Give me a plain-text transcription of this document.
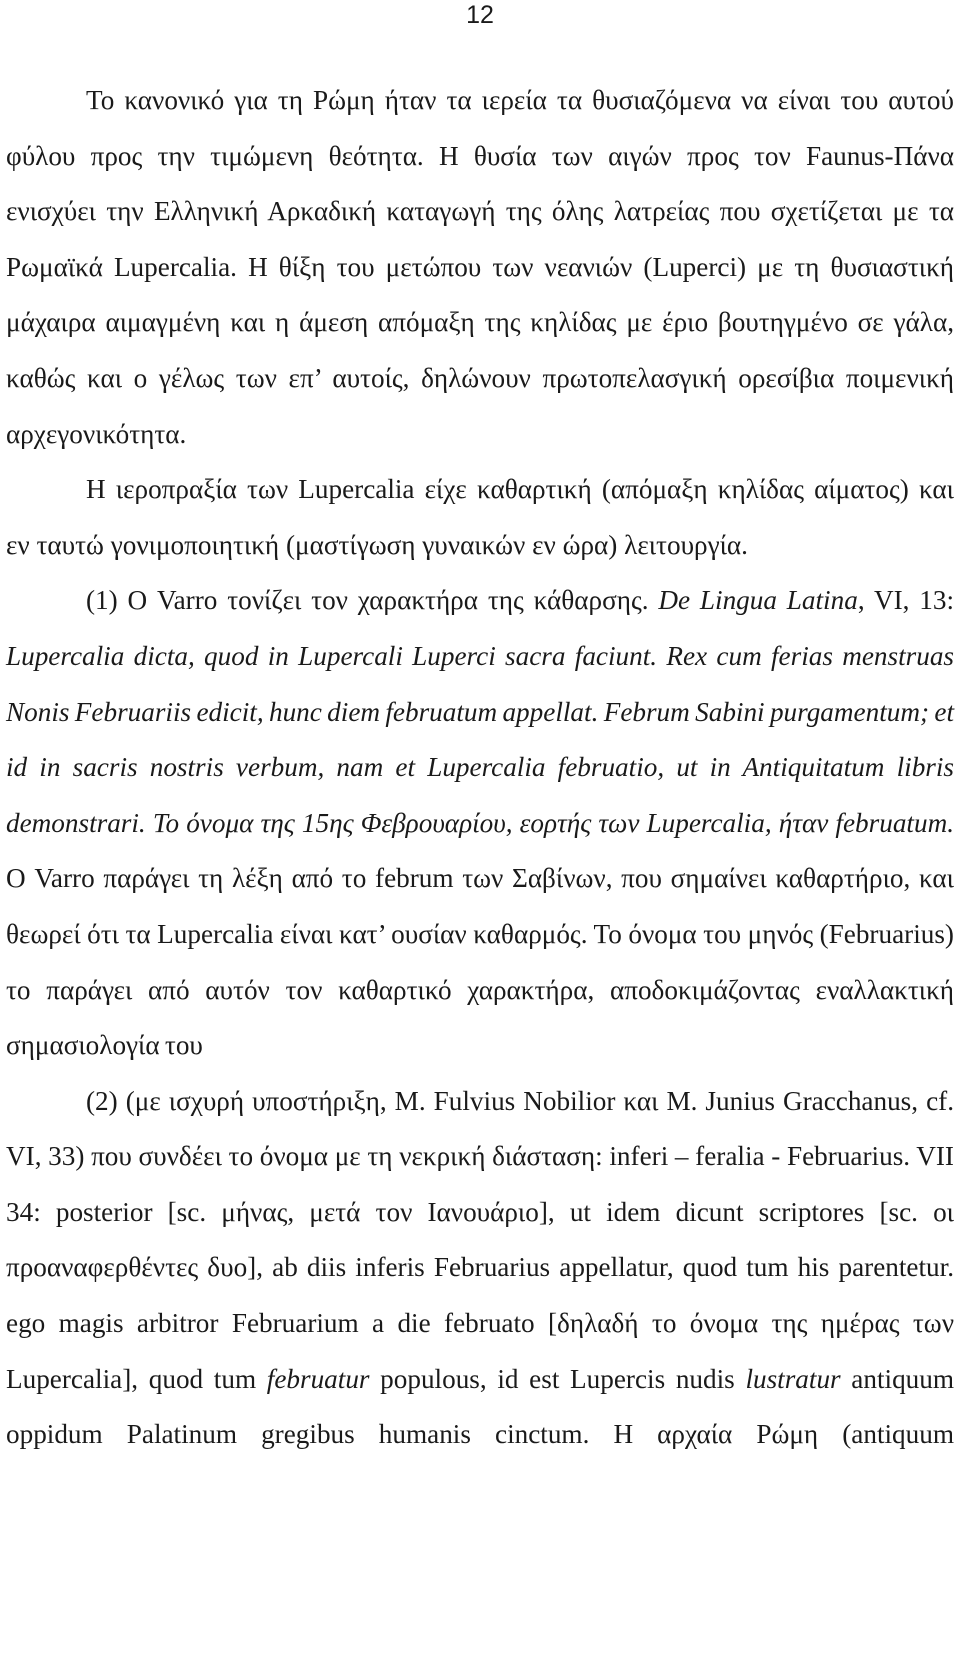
12

Το κανονικό για τη Ρώμη ήταν τα ιερεία τα θυσιαζόμενα να είναι του αυτού φύλου προς την τιμώμενη θεότητα. Η θυσία των αιγών προς τον Faunus-Πάνα ενισχύει την Ελληνική Αρκαδική καταγωγή της όλης λατρείας που σχετίζεται με τα Ρωμαϊκά Lupercalia. Η θίξη του μετώπου των νεανιών (Luperci) με τη θυσιαστική μάχαιρα αιμαγμένη και η άμεση απόμαξη της κηλίδας με έριο βουτηγμένο σε γάλα, καθώς και ο γέλως των επ’ αυτοίς, δηλώνουν πρωτοπελασγική ορεσίβια ποιμενική αρχεγονικότητα.

Η ιεροπραξία των Lupercalia είχε καθαρτική (απόμαξη κηλίδας αίματος) και εν ταυτώ γονιμοποιητική (μαστίγωση γυναικών εν ώρα) λειτουργία.

(1) Ο Varro τονίζει τον χαρακτήρα της κάθαρσης. De Lingua Latina, VI, 13: Lupercalia dicta, quod in Lupercali Luperci sacra faciunt. Rex cum ferias menstruas Nonis Februariis edicit, hunc diem februatum appellat. Februm Sabini purgamentum; et id in sacris nostris verbum, nam et Lupercalia februatio, ut in Antiquitatum libris demonstrari. Το όνομα της 15ης Φεβρουαρίου, εορτής των Lupercalia, ήταν februatum. Ο Varro παράγει τη λέξη από το februm των Σαβίνων, που σημαίνει καθαρτήριο, και θεωρεί ότι τα Lupercalia είναι κατ’ ουσίαν καθαρμός. Το όνομα του μηνός (Februarius) το παράγει από αυτόν τον καθαρτικό χαρακτήρα, αποδοκιμάζοντας εναλλακτική σημασιολογία του

(2) (με ισχυρή υποστήριξη, M. Fulvius Nobilior και M. Junius Gracchanus, cf. VI, 33) που συνδέει το όνομα με τη νεκρική διάσταση: inferi – feralia - Februarius. VII 34: posterior [sc. μήνας, μετά τον Ιανουάριο], ut idem dicunt scriptores [sc. οι προαναφερθέντες δυο], ab diis inferis Februarius appellatur, quod tum his parentetur. ego magis arbitror Februarium a die februato [δηλαδή το όνομα της ημέρας των Lupercalia], quod tum februatur populous, id est Lupercis nudis lustratur antiquum oppidum Palatinum gregibus humanis cinctum. Η αρχαία Ρώμη (antiquum
